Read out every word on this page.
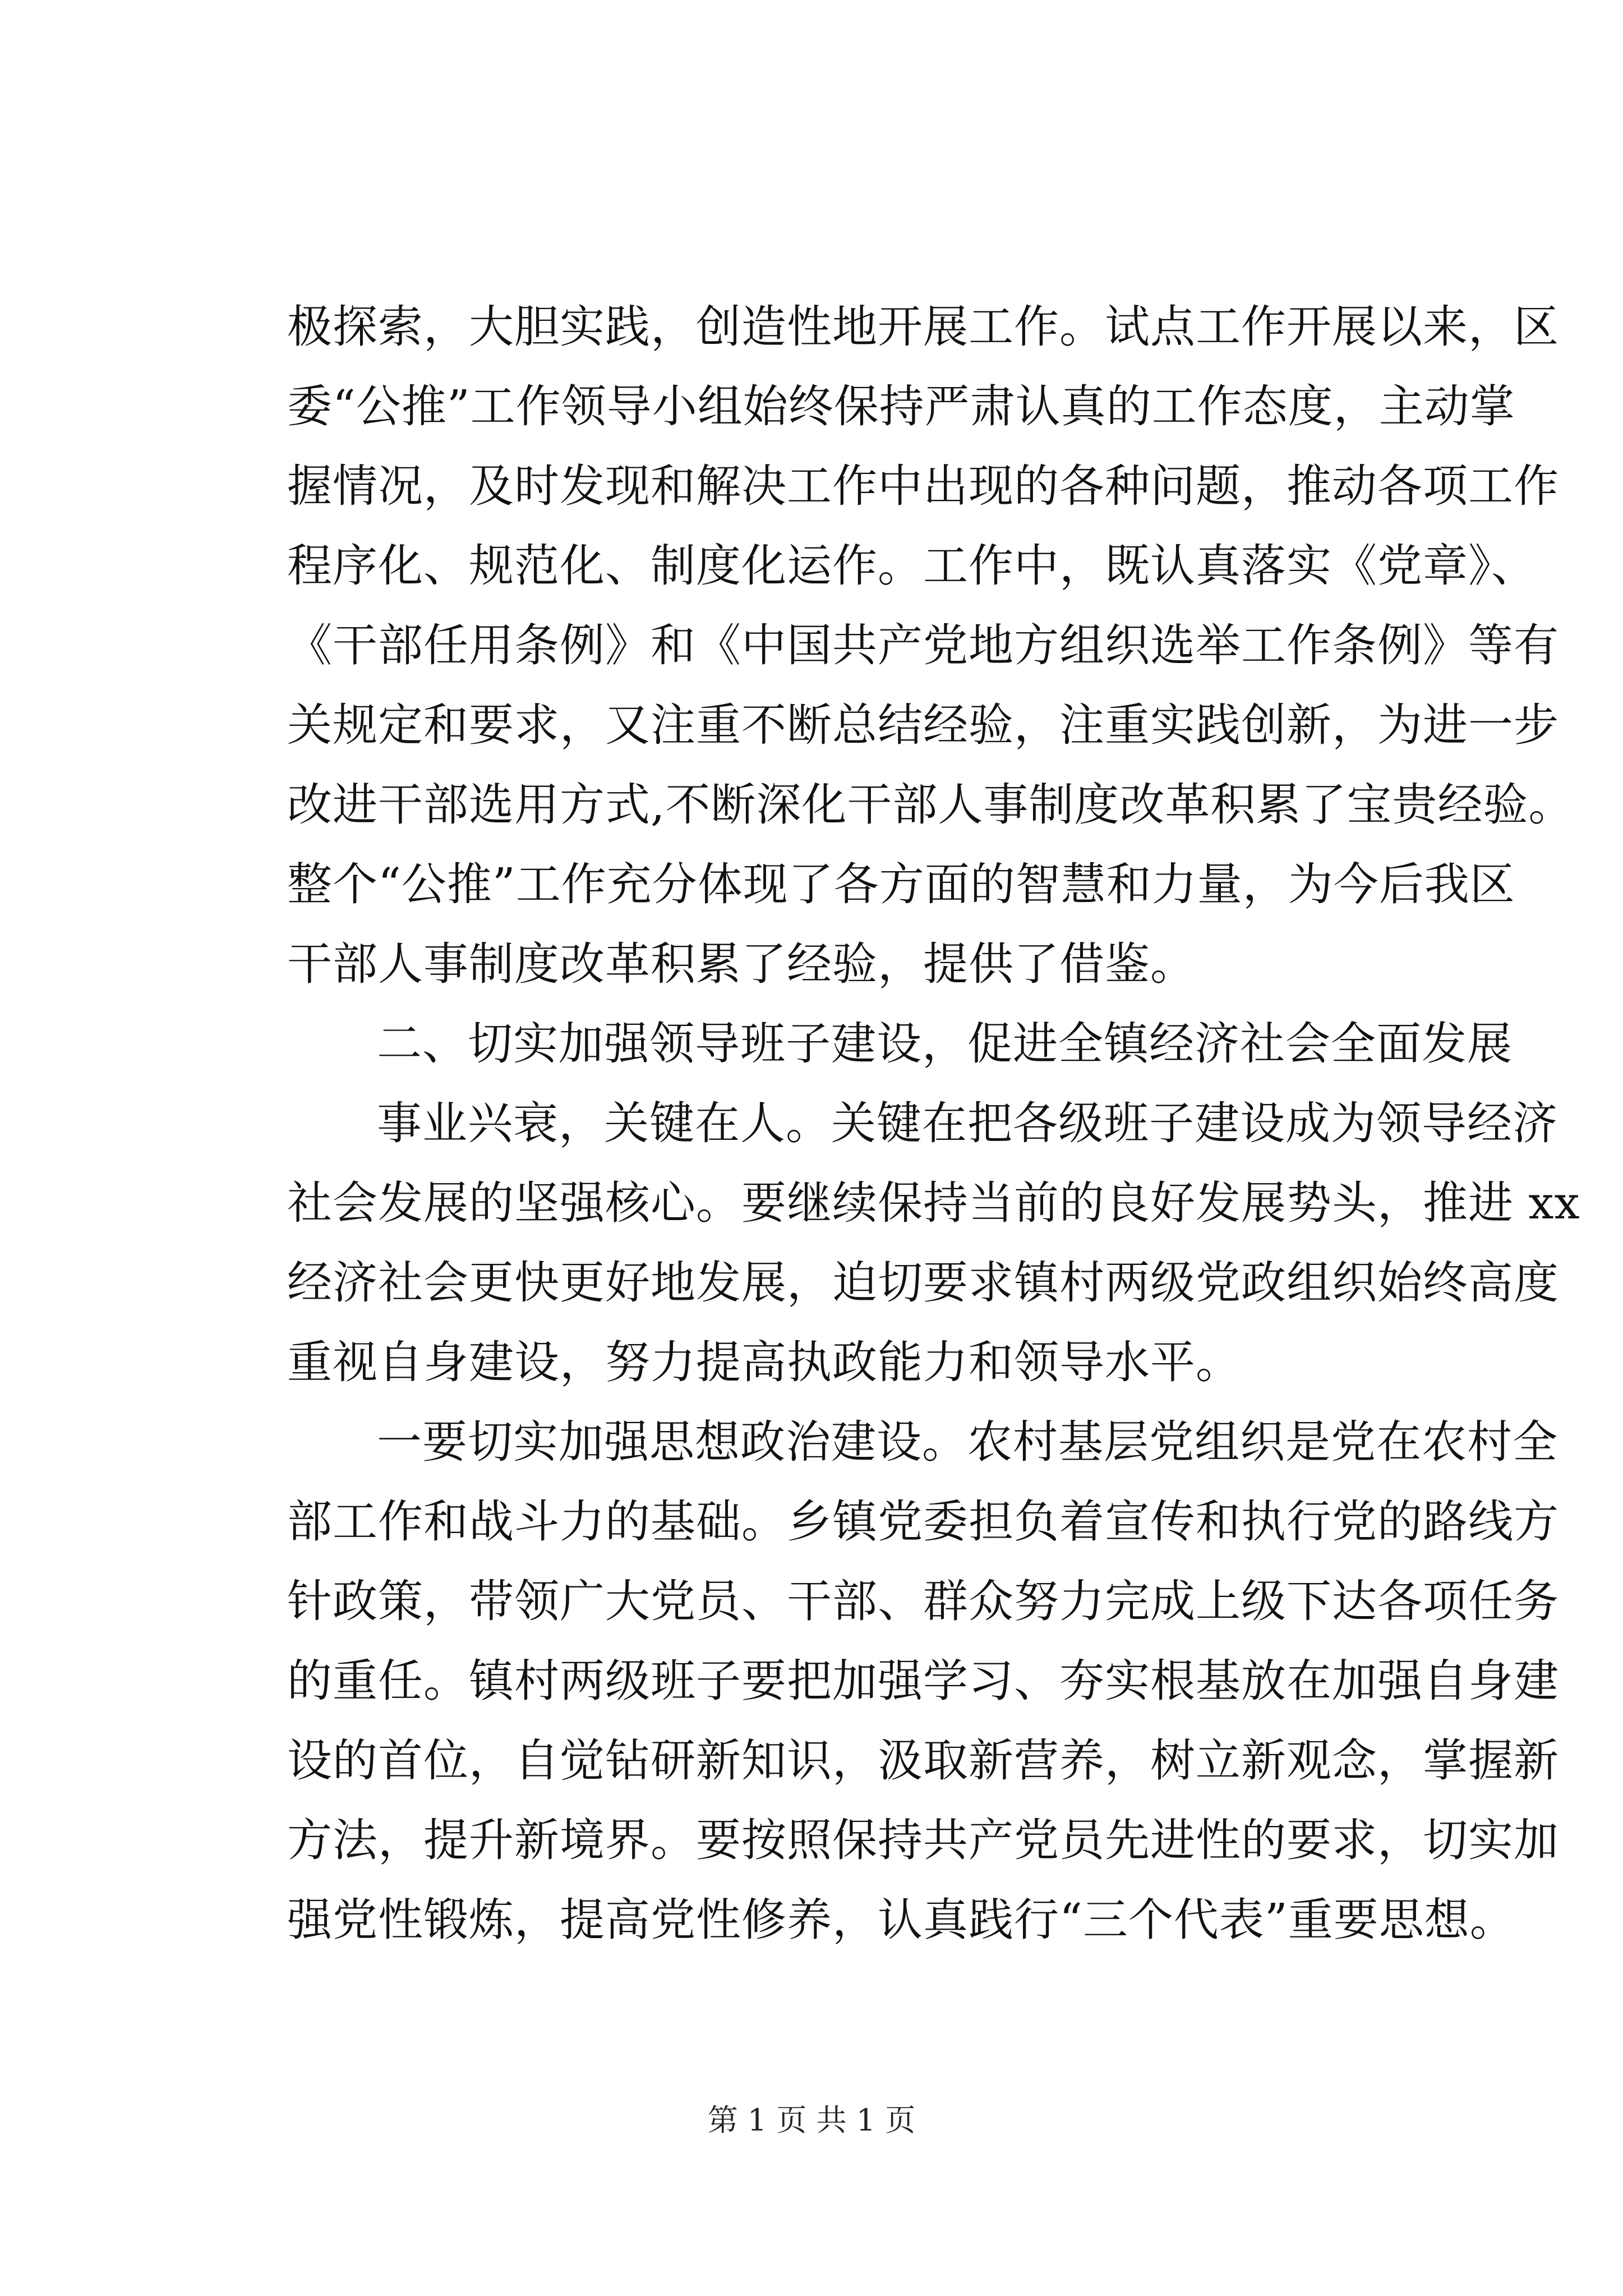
极探索，大胆实践，创造性地开展工作。试点工作开展以来，区
委“公推”工作领导小组始终保持严肃认真的工作态度，主动掌
握情况，及时发现和解决工作中出现的各种问题，推动各项工作
程序化、规范化、制度化运作。工作中，既认真落实《党章》、
《干部任用条例》和《中国共产党地方组织选举工作条例》等有
关规定和要求，又注重不断总结经验，注重实践创新，为进一步
改进干部选用方式,不断深化干部人事制度改革积累了宝贵经验。
整个“公推”工作充分体现了各方面的智慧和力量，为今后我区
干部人事制度改革积累了经验，提供了借鉴。
二、切实加强领导班子建设，促进全镇经济社会全面发展
事业兴衰，关键在人。关键在把各级班子建设成为领导经济
社会发展的坚强核心。要继续保持当前的良好发展势头，推进 xx
经济社会更快更好地发展，迫切要求镇村两级党政组织始终高度
重视自身建设，努力提高执政能力和领导水平。
一要切实加强思想政治建设。农村基层党组织是党在农村全
部工作和战斗力的基础。乡镇党委担负着宣传和执行党的路线方
针政策，带领广大党员、干部、群众努力完成上级下达各项任务
的重任。镇村两级班子要把加强学习、夯实根基放在加强自身建
设的首位，自觉钻研新知识，汲取新营养，树立新观念，掌握新
方法，提升新境界。要按照保持共产党员先进性的要求，切实加
强党性锻炼，提高党性修养，认真践行“三个代表”重要思想。
第 1 页 共 1 页
